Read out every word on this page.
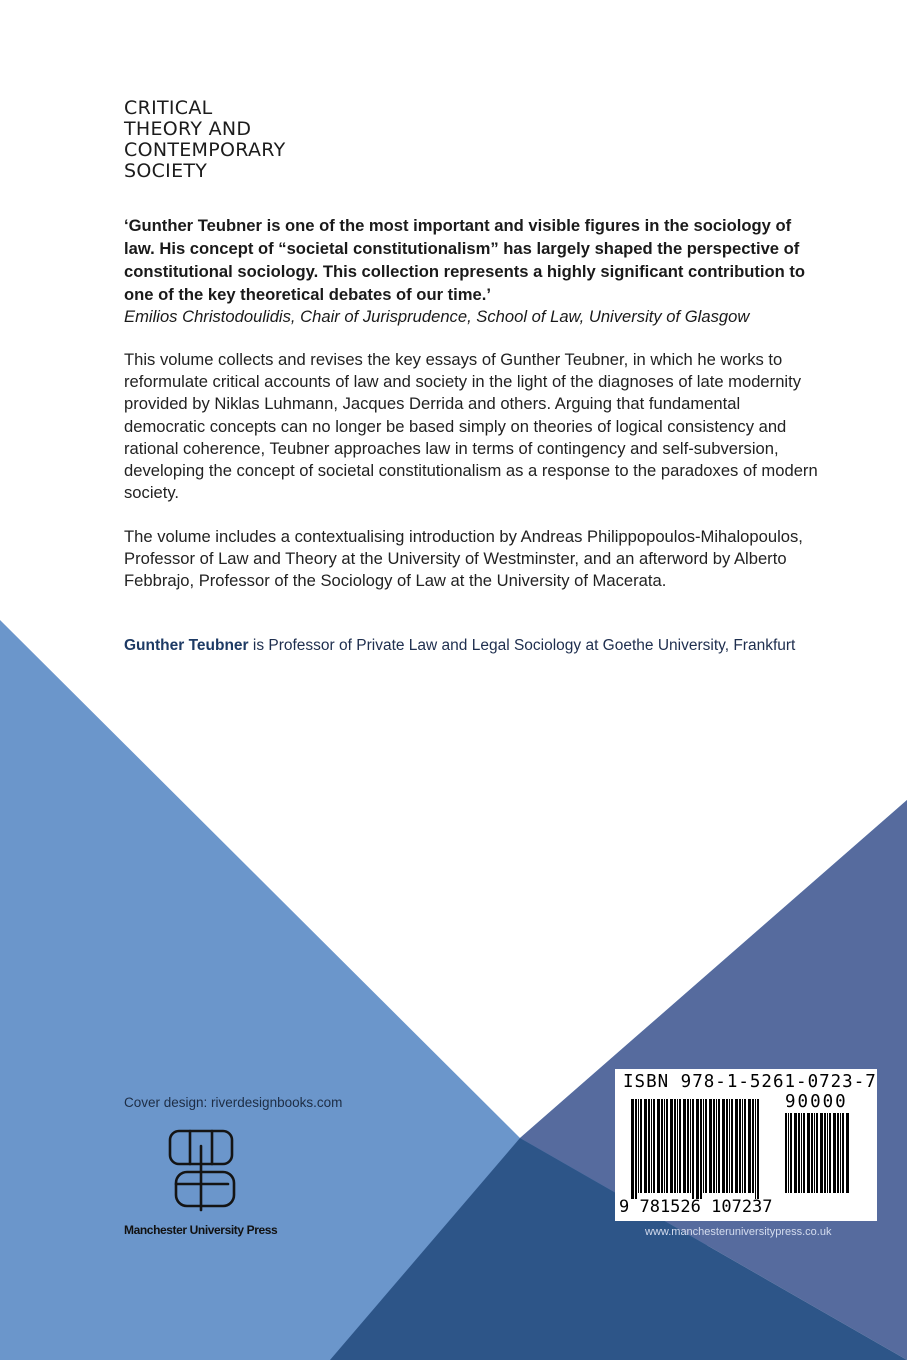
CRITICAL
THEORY AND
CONTEMPORARY
SOCIETY

‘Gunther Teubner is one of the most important and visible figures in the sociology of law. His concept of “societal constitutionalism” has largely shaped the perspective of constitutional sociology. This collection represents a highly significant contribution to one of the key theoretical debates of our time.’

Emilios Christodoulidis, Chair of Jurisprudence, School of Law, University of Glasgow

This volume collects and revises the key essays of Gunther Teubner, in which he works to reformulate critical accounts of law and society in the light of the diagnoses of late modernity provided by Niklas Luhmann, Jacques Derrida and others. Arguing that fundamental democratic concepts can no longer be based simply on theories of logical consistency and rational coherence, Teubner approaches law in terms of contingency and self-subversion, developing the concept of societal constitutionalism as a response to the paradoxes of modern society.

The volume includes a contextualising introduction by Andreas Philippopoulos-Mihalopoulos, Professor of Law and Theory at the University of Westminster, and an afterword by Alberto Febbrajo, Professor of the Sociology of Law at the University of Macerata.

Gunther Teubner is Professor of Private Law and Legal Sociology at Goethe University, Frankfurt

Cover design: riverdesignbooks.com

Manchester University Press

ISBN 978-1-5261-0723-7

90000

9 781526 107237

www.manchesteruniversitypress.co.uk
